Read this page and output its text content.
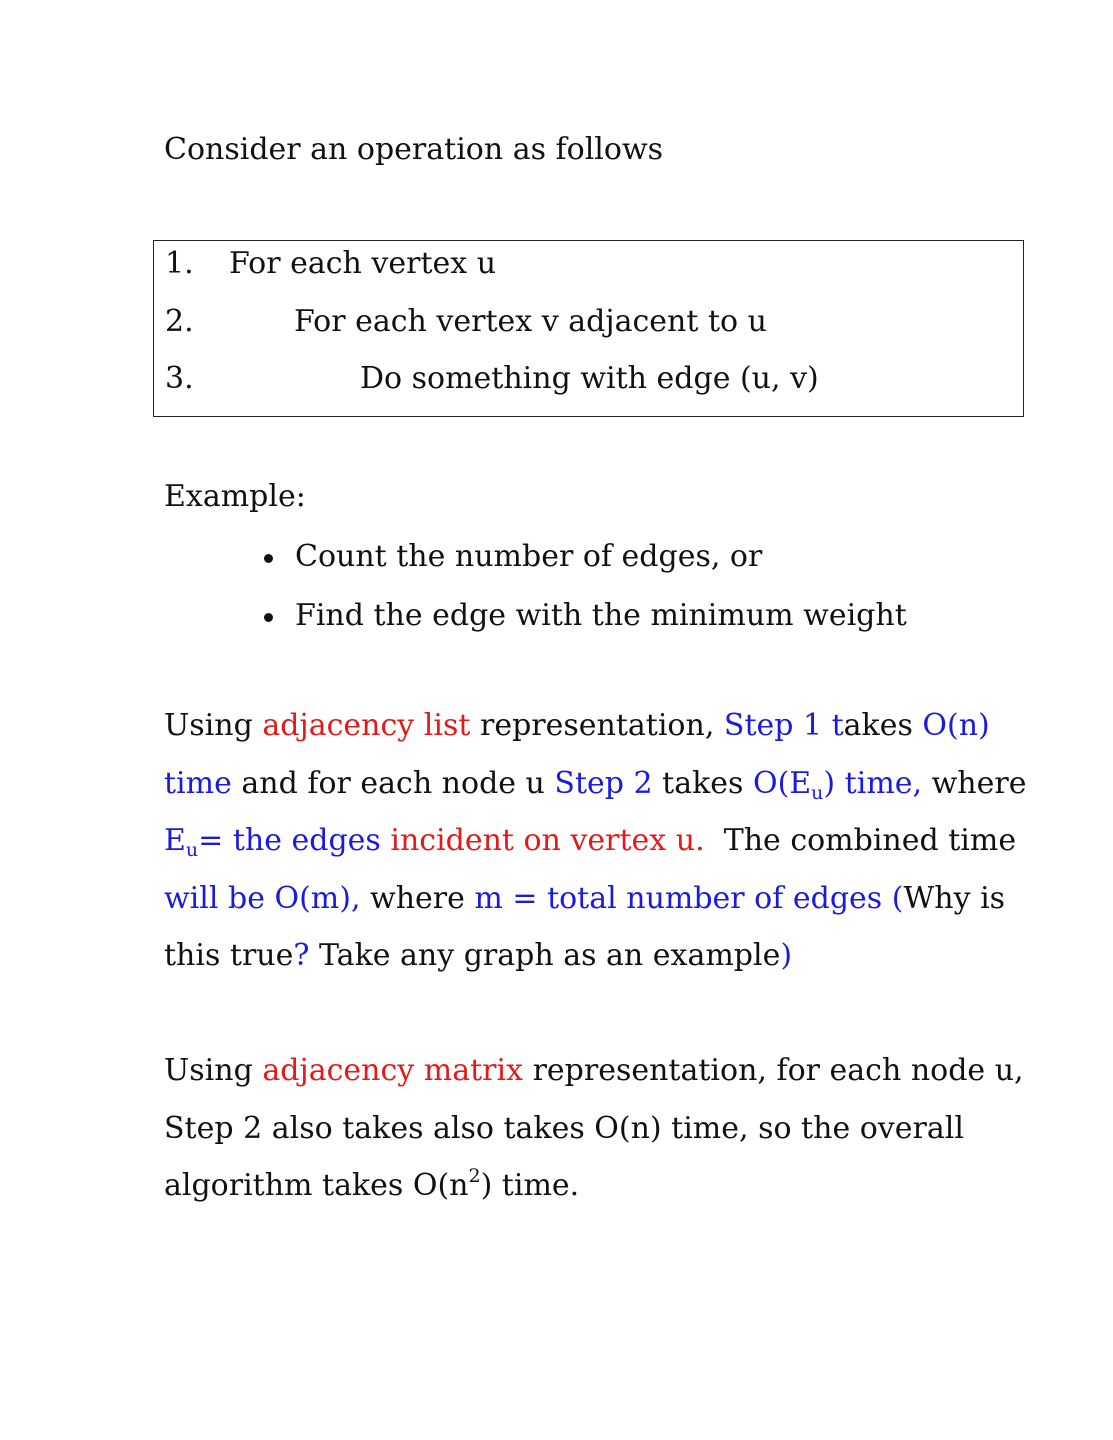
Consider an operation as follows
1. For each vertex u
2.	For each vertex v adjacent to u
3.	Do something with edge (u, v)
Example:
Count the number of edges, or
Find the edge with the minimum weight
Using adjacency list representation, Step 1 takes O(n)
time and for each node u Step 2 takes $O(E_u)$ time, where
$E_u=$ the edges incident on vertex u.  The combined time
will be O(m), where m = total number of edges (Why is
this true? Take any graph as an example)
Using adjacency matrix representation, for each node u,
Step 2 also takes also takes O(n) time, so the overall
algorithm takes $O(n^2)$ time.
